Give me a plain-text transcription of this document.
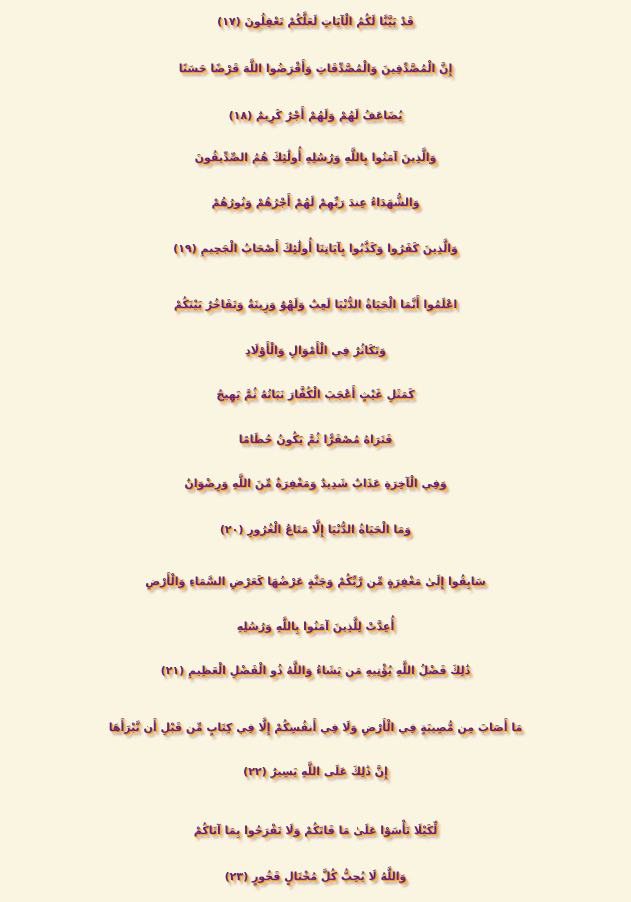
قَدْ بَيَّنَّا لَكُمُ الْآيَاتِ لَعَلَّكُمْ تَعْقِلُونَ (١٧)
إِنَّ الْمُصَّدِّقِينَ وَالْمُصَّدِّقَاتِ وَأَقْرَضُوا اللَّهَ قَرْضًا حَسَنًا
يُضَاعَفُ لَهُمْ وَلَهُمْ أَجْرٌ كَرِيمٌ (١٨)
وَالَّذِينَ آمَنُوا بِاللَّهِ وَرُسُلِهِ أُولَٰئِكَ هُمُ الصِّدِّيقُونَ
وَالشُّهَدَاءُ عِندَ رَبِّهِمْ لَهُمْ أَجْرُهُمْ وَنُورُهُمْ
وَالَّذِينَ كَفَرُوا وَكَذَّبُوا بِآيَاتِنَا أُولَٰئِكَ أَصْحَابُ الْجَحِيمِ (١٩)
اعْلَمُوا أَنَّمَا الْحَيَاةُ الدُّنْيَا لَعِبٌ وَلَهْوٌ وَزِينَةٌ وَتَفَاخُرٌ بَيْنَكُمْ
وَتَكَاثُرٌ فِي الْأَمْوَالِ وَالْأَوْلَادِ
كَمَثَلِ غَيْثٍ أَعْجَبَ الْكُفَّارَ نَبَاتُهُ ثُمَّ يَهِيجُ
فَتَرَاهُ مُصْفَرًّا ثُمَّ يَكُونُ حُطَامًا
وَفِي الْآخِرَةِ عَذَابٌ شَدِيدٌ وَمَغْفِرَةٌ مِّنَ اللَّهِ وَرِضْوَانٌ
وَمَا الْحَيَاةُ الدُّنْيَا إِلَّا مَتَاعُ الْغُرُورِ (٢٠)
سَابِقُوا إِلَىٰ مَغْفِرَةٍ مِّن رَّبِّكُمْ وَجَنَّةٍ عَرْضُهَا كَعَرْضِ السَّمَاءِ وَالْأَرْضِ
أُعِدَّتْ لِلَّذِينَ آمَنُوا بِاللَّهِ وَرُسُلِهِ
ذَٰلِكَ فَضْلُ اللَّهِ يُؤْتِيهِ مَن يَشَاءُ وَاللَّهُ ذُو الْفَضْلِ الْعَظِيمِ (٢١)
مَا أَصَابَ مِن مُّصِيبَةٍ فِي الْأَرْضِ وَلَا فِي أَنفُسِكُمْ إِلَّا فِي كِتَابٍ مِّن قَبْلِ أَن نَّبْرَأَهَا
إِنَّ ذَٰلِكَ عَلَى اللَّهِ يَسِيرٌ (٢٢)
لِّكَيْلَا تَأْسَوْا عَلَىٰ مَا فَاتَكُمْ وَلَا تَفْرَحُوا بِمَا آتَاكُمْ
وَاللَّهُ لَا يُحِبُّ كُلَّ مُخْتَالٍ فَخُورٍ (٢٣)
